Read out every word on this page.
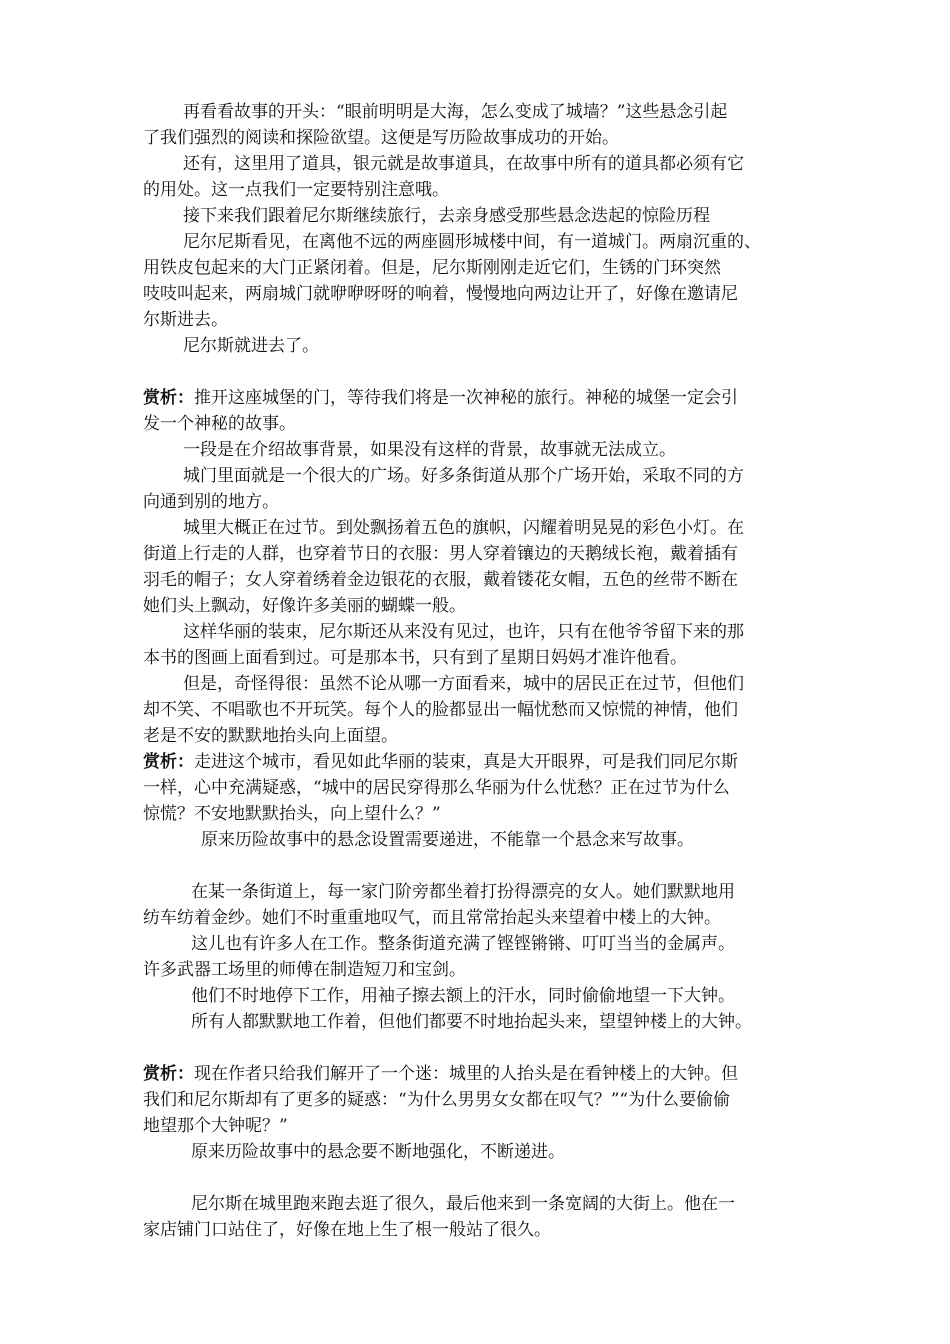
再看看故事的开头：“眼前明明是大海，怎么变成了城墙？”这些悬念引起
了我们强烈的阅读和探险欲望。这便是写历险故事成功的开始。
还有，这里用了道具，银元就是故事道具，在故事中所有的道具都必须有它
的用处。这一点我们一定要特别注意哦。
接下来我们跟着尼尔斯继续旅行，去亲身感受那些悬念迭起的惊险历程
尼尔尼斯看见，在离他不远的两座圆形城楼中间，有一道城门。两扇沉重的、
用铁皮包起来的大门正紧闭着。但是，尼尔斯刚刚走近它们，生锈的门环突然
吱吱叫起来，两扇城门就咿咿呀呀的响着，慢慢地向两边让开了，好像在邀请尼
尔斯进去。
尼尔斯就进去了。
赏析：推开这座城堡的门，等待我们将是一次神秘的旅行。神秘的城堡一定会引
发一个神秘的故事。
一段是在介绍故事背景，如果没有这样的背景，故事就无法成立。
城门里面就是一个很大的广场。好多条街道从那个广场开始，采取不同的方
向通到别的地方。
城里大概正在过节。到处飘扬着五色的旗帜，闪耀着明晃晃的彩色小灯。在
街道上行走的人群，也穿着节日的衣服：男人穿着镶边的天鹅绒长袍，戴着插有
羽毛的帽子；女人穿着绣着金边银花的衣服，戴着镂花女帽，五色的丝带不断在
她们头上飘动，好像许多美丽的蝴蝶一般。
这样华丽的装束，尼尔斯还从来没有见过，也许，只有在他爷爷留下来的那
本书的图画上面看到过。可是那本书，只有到了星期日妈妈才准许他看。
但是，奇怪得很：虽然不论从哪一方面看来，城中的居民正在过节，但他们
却不笑、不唱歌也不开玩笑。每个人的脸都显出一幅忧愁而又惊慌的神情，他们
老是不安的默默地抬头向上面望。
赏析：走进这个城市，看见如此华丽的装束，真是大开眼界，可是我们同尼尔斯
一样，心中充满疑惑，“城中的居民穿得那么华丽为什么忧愁？正在过节为什么
惊慌？不安地默默抬头，向上望什么？”
原来历险故事中的悬念设置需要递进，不能靠一个悬念来写故事。
在某一条街道上，每一家门阶旁都坐着打扮得漂亮的女人。她们默默地用
纺车纺着金纱。她们不时重重地叹气，而且常常抬起头来望着中楼上的大钟。
这儿也有许多人在工作。整条街道充满了铿铿锵锵、叮叮当当的金属声。
许多武器工场里的师傅在制造短刀和宝剑。
他们不时地停下工作，用袖子擦去额上的汗水，同时偷偷地望一下大钟。
所有人都默默地工作着，但他们都要不时地抬起头来，望望钟楼上的大钟。
赏析：现在作者只给我们解开了一个迷：城里的人抬头是在看钟楼上的大钟。但
我们和尼尔斯却有了更多的疑惑：“为什么男男女女都在叹气？”“为什么要偷偷
地望那个大钟呢？”
原来历险故事中的悬念要不断地强化，不断递进。
尼尔斯在城里跑来跑去逛了很久，最后他来到一条宽阔的大街上。他在一
家店铺门口站住了，好像在地上生了根一般站了很久。
